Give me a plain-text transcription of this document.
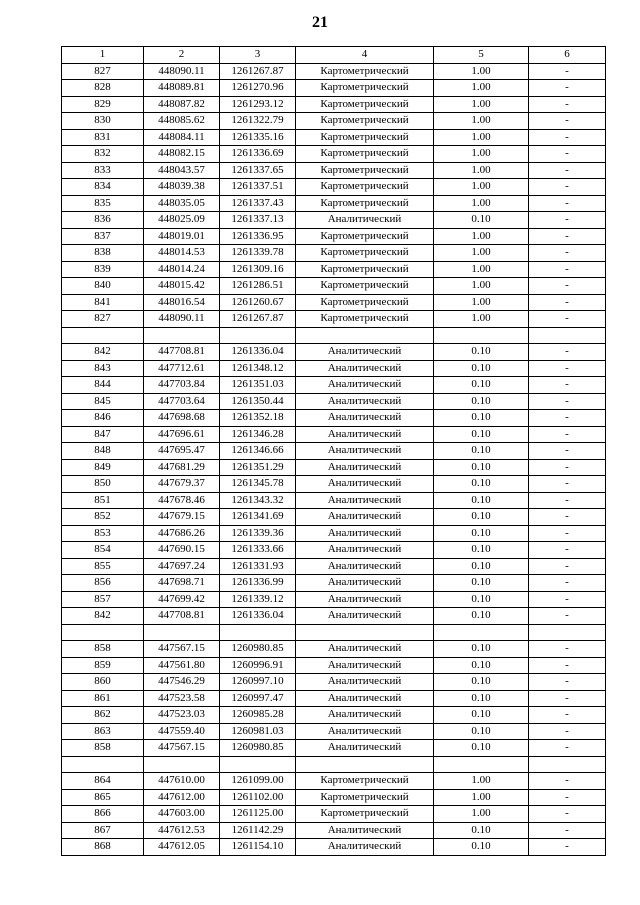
21
1	2	3	4	5	6
827	448090.11	1261267.87	Картометрический	1.00	-
828	448089.81	1261270.96	Картометрический	1.00	-
829	448087.82	1261293.12	Картометрический	1.00	-
830	448085.62	1261322.79	Картометрический	1.00	-
831	448084.11	1261335.16	Картометрический	1.00	-
832	448082.15	1261336.69	Картометрический	1.00	-
833	448043.57	1261337.65	Картометрический	1.00	-
834	448039.38	1261337.51	Картометрический	1.00	-
835	448035.05	1261337.43	Картометрический	1.00	-
836	448025.09	1261337.13	Аналитический	0.10	-
837	448019.01	1261336.95	Картометрический	1.00	-
838	448014.53	1261339.78	Картометрический	1.00	-
839	448014.24	1261309.16	Картометрический	1.00	-
840	448015.42	1261286.51	Картометрический	1.00	-
841	448016.54	1261260.67	Картометрический	1.00	-
827	448090.11	1261267.87	Картометрический	1.00	-

842	447708.81	1261336.04	Аналитический	0.10	-
843	447712.61	1261348.12	Аналитический	0.10	-
844	447703.84	1261351.03	Аналитический	0.10	-
845	447703.64	1261350.44	Аналитический	0.10	-
846	447698.68	1261352.18	Аналитический	0.10	-
847	447696.61	1261346.28	Аналитический	0.10	-
848	447695.47	1261346.66	Аналитический	0.10	-
849	447681.29	1261351.29	Аналитический	0.10	-
850	447679.37	1261345.78	Аналитический	0.10	-
851	447678.46	1261343.32	Аналитический	0.10	-
852	447679.15	1261341.69	Аналитический	0.10	-
853	447686.26	1261339.36	Аналитический	0.10	-
854	447690.15	1261333.66	Аналитический	0.10	-
855	447697.24	1261331.93	Аналитический	0.10	-
856	447698.71	1261336.99	Аналитический	0.10	-
857	447699.42	1261339.12	Аналитический	0.10	-
842	447708.81	1261336.04	Аналитический	0.10	-

858	447567.15	1260980.85	Аналитический	0.10	-
859	447561.80	1260996.91	Аналитический	0.10	-
860	447546.29	1260997.10	Аналитический	0.10	-
861	447523.58	1260997.47	Аналитический	0.10	-
862	447523.03	1260985.28	Аналитический	0.10	-
863	447559.40	1260981.03	Аналитический	0.10	-
858	447567.15	1260980.85	Аналитический	0.10	-

864	447610.00	1261099.00	Картометрический	1.00	-
865	447612.00	1261102.00	Картометрический	1.00	-
866	447603.00	1261125.00	Картометрический	1.00	-
867	447612.53	1261142.29	Аналитический	0.10	-
868	447612.05	1261154.10	Аналитический	0.10	-
